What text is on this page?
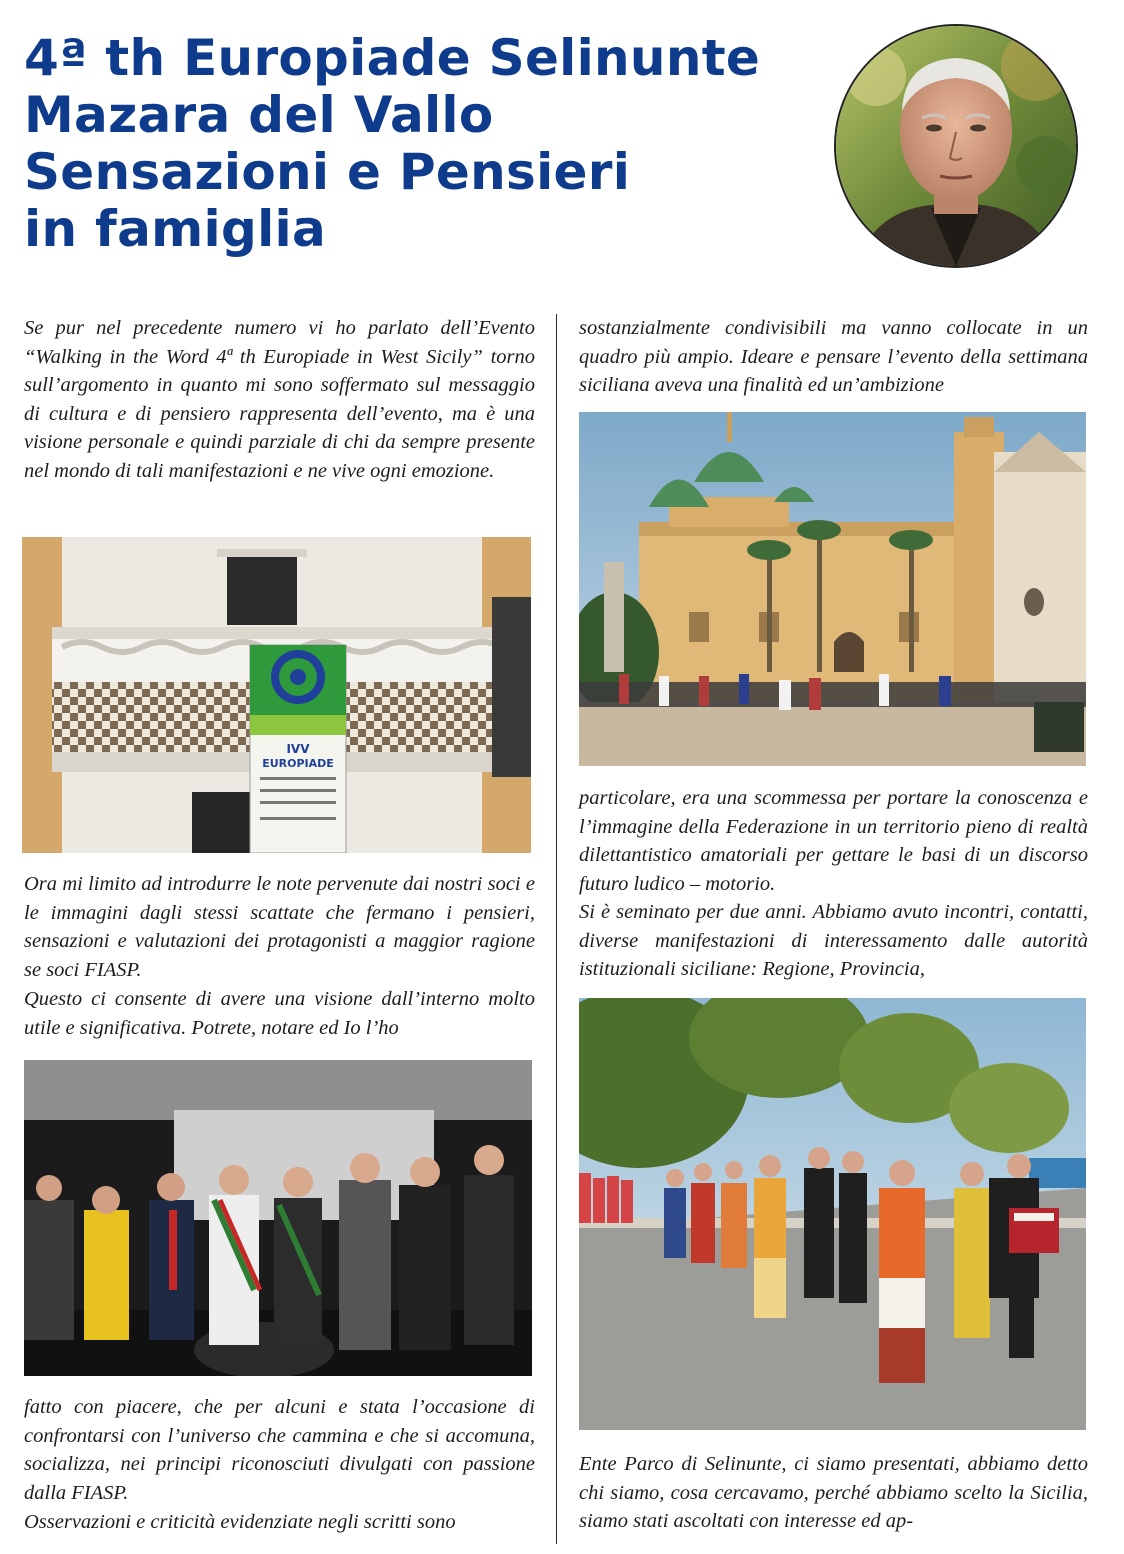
4ª th Europiade Selinunte
Mazara del Vallo
Sensazioni e Pensieri
in famiglia

Se pur nel precedente numero vi ho parlato dell’Evento “Walking in the Word 4ª th Europiade in West Sicily” torno sull’argomento in quanto mi sono soffermato sul messaggio di cultura e di pensiero rappresenta dell’evento, ma è una visione personale e quindi parziale di chi da sempre presente nel mondo di tali manifestazioni e ne vive ogni emozione.

IVV
EUROPIADE

Ora mi limito ad introdurre le note pervenute dai nostri soci e le immagini dagli stessi scattate che fermano i pensieri, sensazioni e valutazioni dei protagonisti a maggior ragione se soci FIASP.

Questo ci consente di avere una visione dall’interno molto utile e significativa. Potrete, notare ed Io l’ho

fatto con piacere, che per alcuni e stata l’occasione di confrontarsi con l’universo che cammina e che si accomuna, socializza, nei principi riconosciuti divulgati con passione dalla FIASP.

Osservazioni e criticità evidenziate negli scritti sono

sostanzialmente condivisibili ma vanno collocate in un quadro più ampio. Ideare e pensare l’evento della settimana siciliana aveva una finalità ed un’ambizione

particolare, era una scommessa per portare la conoscenza e l’immagine della Federazione in un territorio pieno di realtà dilettantistico amatoriali per gettare le basi di un discorso futuro ludico – motorio.

Si è seminato per due anni. Abbiamo avuto incontri, contatti, diverse manifestazioni di interessamento dalle autorità istituzionali siciliane: Regione, Provincia,

Ente Parco di Selinunte, ci siamo presentati, abbiamo detto chi siamo, cosa cercavamo, perché abbiamo scelto la Sicilia, siamo stati ascoltati con interesse ed ap-
